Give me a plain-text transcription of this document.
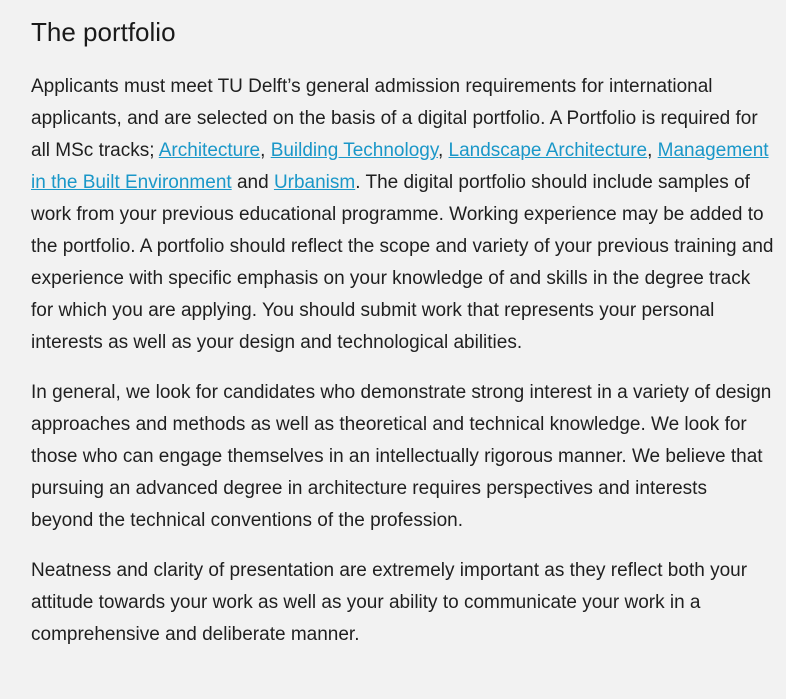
The portfolio

Applicants must meet TU Delft’s general admission requirements for international applicants, and are selected on the basis of a digital portfolio. A Portfolio is required for all MSc tracks; Architecture, Building Technology, Landscape Architecture, Management in the Built Environment and Urbanism. The digital portfolio should include samples of work from your previous educational programme. Working experience may be added to the portfolio. A portfolio should reflect the scope and variety of your previous training and experience with specific emphasis on your knowledge of and skills in the degree track for which you are applying. You should submit work that represents your personal interests as well as your design and technological abilities.

In general, we look for candidates who demonstrate strong interest in a variety of design approaches and methods as well as theoretical and technical knowledge. We look for those who can engage themselves in an intellectually rigorous manner. We believe that pursuing an advanced degree in architecture requires perspectives and interests beyond the technical conventions of the profession.

Neatness and clarity of presentation are extremely important as they reflect both your attitude towards your work as well as your ability to communicate your work in a comprehensive and deliberate manner.
